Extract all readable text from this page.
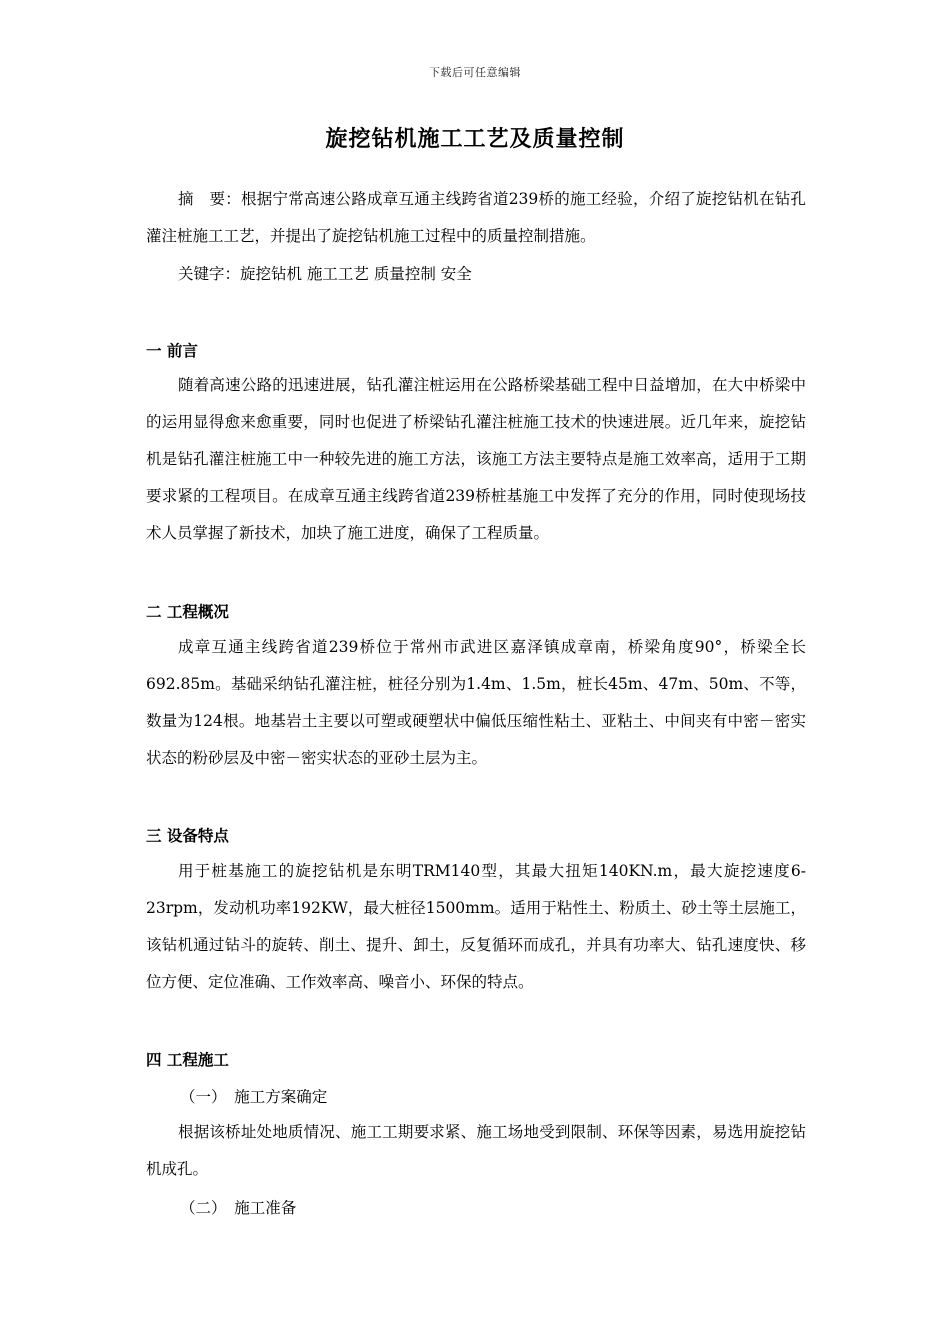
下载后可任意编辑
旋挖钻机施工工艺及质量控制
摘　要：根据宁常高速公路成章互通主线跨省道239桥的施工经验，介绍了旋挖钻机在钻孔灌注桩施工工艺，并提出了旋挖钻机施工过程中的质量控制措施。
关键字：旋挖钻机 施工工艺 质量控制 安全
一 前言
随着高速公路的迅速进展，钻孔灌注桩运用在公路桥梁基础工程中日益增加，在大中桥梁中的运用显得愈来愈重要，同时也促进了桥梁钻孔灌注桩施工技术的快速进展。近几年来，旋挖钻机是钻孔灌注桩施工中一种较先进的施工方法，该施工方法主要特点是施工效率高，适用于工期要求紧的工程项目。在成章互通主线跨省道239桥桩基施工中发挥了充分的作用，同时使现场技术人员掌握了新技术，加块了施工进度，确保了工程质量。
二 工程概况
成章互通主线跨省道239桥位于常州市武进区嘉泽镇成章南，桥梁角度90°，桥梁全长692.85m。基础采纳钻孔灌注桩，桩径分别为1.4m、1.5m，桩长45m、47m、50m、不等，数量为124根。地基岩土主要以可塑或硬塑状中偏低压缩性粘土、亚粘土、中间夹有中密－密实状态的粉砂层及中密－密实状态的亚砂土层为主。
三 设备特点
用于桩基施工的旋挖钻机是东明TRM140型，其最大扭矩140KN.m，最大旋挖速度6-23rpm，发动机功率192KW，最大桩径1500mm。适用于粘性土、粉质土、砂土等土层施工，该钻机通过钻斗的旋转、削土、提升、卸土，反复循环而成孔，并具有功率大、钻孔速度快、移位方便、定位准确、工作效率高、噪音小、环保的特点。
四 工程施工
（一）　施工方案确定
根据该桥址处地质情况、施工工期要求紧、施工场地受到限制、环保等因素，易选用旋挖钻机成孔。
（二）　施工准备
